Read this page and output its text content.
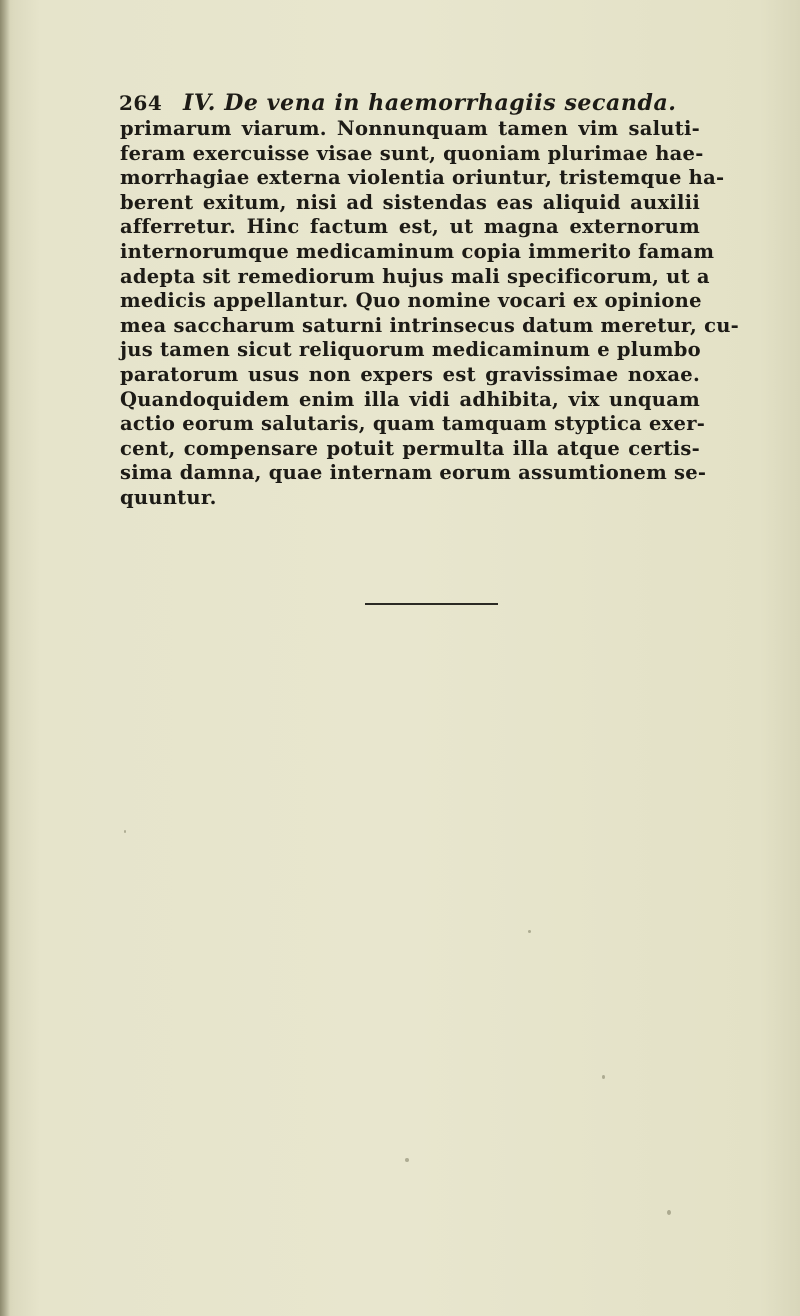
264 IV. De vena in haemorrhagiis secanda.
primarum viarum. Nonnunquam tamen vim saluti-
feram exercuisse visae sunt, quoniam plurimae hae-
morrhagiae externa violentia oriuntur, tristemque ha-
berent exitum, nisi ad sistendas eas aliquid auxilii
afferretur. Hinc factum est, ut magna externorum
internorumque medicaminum copia immerito famam
adepta sit remediorum hujus mali specificorum, ut a
medicis appellantur. Quo nomine vocari ex opinione
mea saccharum saturni intrinsecus datum meretur, cu-
jus tamen sicut reliquorum medicaminum e plumbo
paratorum usus non expers est gravissimae noxae.
Quandoquidem enim illa vidi adhibita, vix unquam
actio eorum salutaris, quam tamquam styptica exer-
cent, compensare potuit permulta illa atque certis-
sima damna, quae internam eorum assumtionem se-
quuntur.
